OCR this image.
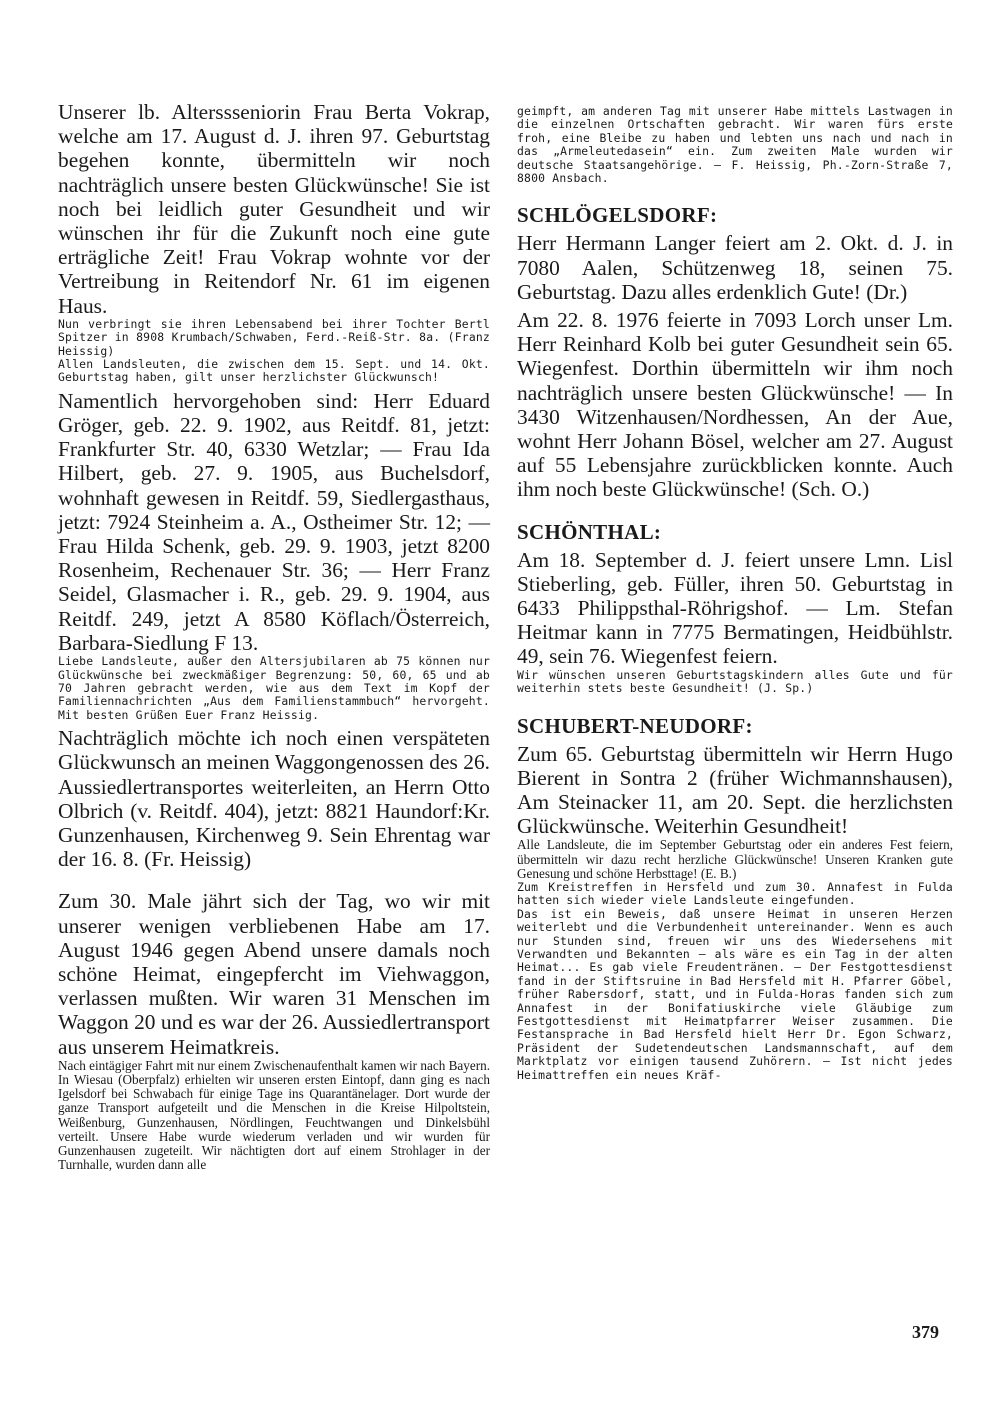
Unserer lb. Alterssseniorin Frau Berta Vokrap, welche am 17. August d. J. ihren 97. Geburtstag begehen konnte, übermitteln wir noch nachträglich unsere besten Glückwünsche! Sie ist noch bei leidlich guter Gesundheit und wir wünschen ihr für die Zukunft noch eine gute erträgliche Zeit! Frau Vokrap wohnte vor der Vertreibung in Reitendorf Nr. 61 im eigenen Haus.

Nun verbringt sie ihren Lebensabend bei ihrer Tochter Bertl Spitzer in 8908 Krumbach/Schwaben, Ferd.-Reiß-Str. 8a. (Franz Heissig)

Allen Landsleuten, die zwischen dem 15. Sept. und 14. Okt. Geburtstag haben, gilt unser herzlichster Glückwunsch!

Namentlich hervorgehoben sind: Herr Eduard Gröger, geb. 22. 9. 1902, aus Reitdf. 81, jetzt: Frankfurter Str. 40, 6330 Wetzlar; — Frau Ida Hilbert, geb. 27. 9. 1905, aus Buchelsdorf, wohnhaft gewesen in Reitdf. 59, Siedlergasthaus, jetzt: 7924 Steinheim a. A., Ostheimer Str. 12; — Frau Hilda Schenk, geb. 29. 9. 1903, jetzt 8200 Rosenheim, Rechenauer Str. 36; — Herr Franz Seidel, Glasmacher i. R., geb. 29. 9. 1904, aus Reitdf. 249, jetzt A 8580 Köflach/Österreich, Barbara-Siedlung F 13.

Liebe Landsleute, außer den Altersjubilaren ab 75 können nur Glückwünsche bei zweckmäßiger Begrenzung: 50, 60, 65 und ab 70 Jahren gebracht werden, wie aus dem Text im Kopf der Familiennachrichten „Aus dem Familienstammbuch“ hervorgeht. Mit besten Grüßen Euer Franz Heissig.

Nachträglich möchte ich noch einen verspäteten Glückwunsch an meinen Waggongenossen des 26. Aussiedlertransportes weiterleiten, an Herrn Otto Olbrich (v. Reitdf. 404), jetzt: 8821 Haundorf:Kr. Gunzenhausen, Kirchenweg 9. Sein Ehrentag war der 16. 8. (Fr. Heissig)

Zum 30. Male jährt sich der Tag, wo wir mit unserer wenigen verbliebenen Habe am 17. August 1946 gegen Abend unsere damals noch schöne Heimat, eingepfercht im Viehwaggon, verlassen mußten. Wir waren 31 Menschen im Waggon 20 und es war der 26. Aussiedlertransport aus unserem Heimatkreis.

Nach eintägiger Fahrt mit nur einem Zwischenaufenthalt kamen wir nach Bayern. In Wiesau (Oberpfalz) erhielten wir unseren ersten Eintopf, dann ging es nach Igelsdorf bei Schwabach für einige Tage ins Quarantänelager. Dort wurde der ganze Transport aufgeteilt und die Menschen in die Kreise Hilpoltstein, Weißenburg, Gunzenhausen, Nördlingen, Feuchtwangen und Dinkelsbühl verteilt. Unsere Habe wurde wiederum verladen und wir wurden für Gunzenhausen zugeteilt. Wir nächtigten dort auf einem Strohlager in der Turnhalle, wurden dann alle

geimpft, am anderen Tag mit unserer Habe mittels Lastwagen in die einzelnen Ortschaften gebracht. Wir waren fürs erste froh, eine Bleibe zu haben und lebten uns nach und nach in das „Armeleutedasein“ ein. Zum zweiten Male wurden wir deutsche Staatsangehörige. — F. Heissig, Ph.-Zorn-Straße 7, 8800 Ansbach.

SCHLÖGELSDORF:

Herr Hermann Langer feiert am 2. Okt. d. J. in 7080 Aalen, Schützenweg 18, seinen 75. Geburtstag. Dazu alles erdenklich Gute! (Dr.)

Am 22. 8. 1976 feierte in 7093 Lorch unser Lm. Herr Reinhard Kolb bei guter Gesundheit sein 65. Wiegenfest. Dorthin übermitteln wir ihm noch nachträglich unsere besten Glückwünsche! — In 3430 Witzenhausen/Nordhessen, An der Aue, wohnt Herr Johann Bösel, welcher am 27. August auf 55 Lebensjahre zurückblicken konnte. Auch ihm noch beste Glückwünsche! (Sch. O.)

SCHÖNTHAL:

Am 18. September d. J. feiert unsere Lmn. Lisl Stieberling, geb. Füller, ihren 50. Geburtstag in 6433 Philippsthal-Röhrigshof. — Lm. Stefan Heitmar kann in 7775 Bermatingen, Heidbühlstr. 49, sein 76. Wiegenfest feiern.

Wir wünschen unseren Geburtstagskindern alles Gute und für weiterhin stets beste Gesundheit! (J. Sp.)

SCHUBERT-NEUDORF:

Zum 65. Geburtstag übermitteln wir Herrn Hugo Bierent in Sontra 2 (früher Wichmannshausen), Am Steinacker 11, am 20. Sept. die herzlichsten Glückwünsche. Weiterhin Gesundheit!

Alle Landsleute, die im September Geburtstag oder ein anderes Fest feiern, übermitteln wir dazu recht herzliche Glückwünsche! Unseren Kranken gute Genesung und schöne Herbsttage! (E. B.)

Zum Kreistreffen in Hersfeld und zum 30. Annafest in Fulda hatten sich wieder viele Landsleute eingefunden.

Das ist ein Beweis, daß unsere Heimat in unseren Herzen weiterlebt und die Verbundenheit untereinander. Wenn es auch nur Stunden sind, freuen wir uns des Wiedersehens mit Verwandten und Bekannten — als wäre es ein Tag in der alten Heimat... Es gab viele Freudentränen. — Der Festgottesdienst fand in der Stiftsruine in Bad Hersfeld mit H. Pfarrer Göbel, früher Rabersdorf, statt, und in Fulda-Horas fanden sich zum Annafest in der Bonifatiuskirche viele Gläubige zum Festgottesdienst mit Heimatpfarrer Weiser zusammen. Die Festansprache in Bad Hersfeld hielt Herr Dr. Egon Schwarz, Präsident der Sudetendeutschen Landsmannschaft, auf dem Marktplatz vor einigen tausend Zuhörern. — Ist nicht jedes Heimattreffen ein neues Kräf-

379
